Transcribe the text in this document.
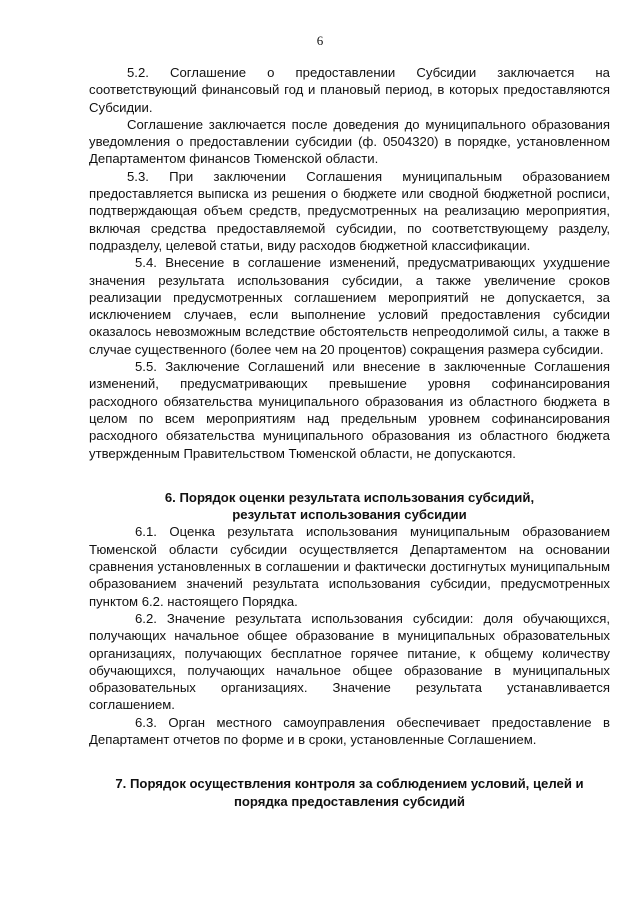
6

5.2. Соглашение о предоставлении Субсидии заключается на соответствующий финансовый год и плановый период, в которых предоставляются Субсидии.

Соглашение заключается после доведения до муниципального образования уведомления о предоставлении субсидии (ф. 0504320) в порядке, установленном Департаментом финансов Тюменской области.

5.3. При заключении Соглашения муниципальным образованием предоставляется выписка из решения о бюджете или сводной бюджетной росписи, подтверждающая объем средств, предусмотренных на реализацию мероприятия, включая средства предоставляемой субсидии, по соответствующему разделу, подразделу, целевой статьи, виду расходов бюджетной классификации.

5.4. Внесение в соглашение изменений, предусматривающих ухудшение значения результата использования субсидии, а также увеличение сроков реализации предусмотренных соглашением мероприятий не допускается, за исключением случаев, если выполнение условий предоставления субсидии оказалось невозможным вследствие обстоятельств непреодолимой силы, а также в случае существенного (более чем на 20 процентов) сокращения размера субсидии.

5.5. Заключение Соглашений или внесение в заключенные Соглашения изменений, предусматривающих превышение уровня софинансирования расходного обязательства муниципального образования из областного бюджета в целом по всем мероприятиям над предельным уровнем софинансирования расходного обязательства муниципального образования из областного бюджета утвержденным Правительством Тюменской области, не допускаются.

6. Порядок оценки результата использования субсидий,
результат использования субсидии

6.1. Оценка результата использования муниципальным образованием Тюменской области субсидии осуществляется Департаментом на основании сравнения установленных в соглашении и фактически достигнутых муниципальным образованием значений результата использования субсидии, предусмотренных пунктом 6.2. настоящего Порядка.

6.2. Значение результата использования субсидии: доля обучающихся, получающих начальное общее образование в муниципальных образовательных организациях, получающих бесплатное горячее питание, к общему количеству обучающихся, получающих начальное общее образование в муниципальных образовательных организациях. Значение результата устанавливается соглашением.

6.3. Орган местного самоуправления обеспечивает предоставление в Департамент отчетов по форме и в сроки, установленные Соглашением.

7. Порядок осуществления контроля за соблюдением условий, целей и
порядка предоставления субсидий
